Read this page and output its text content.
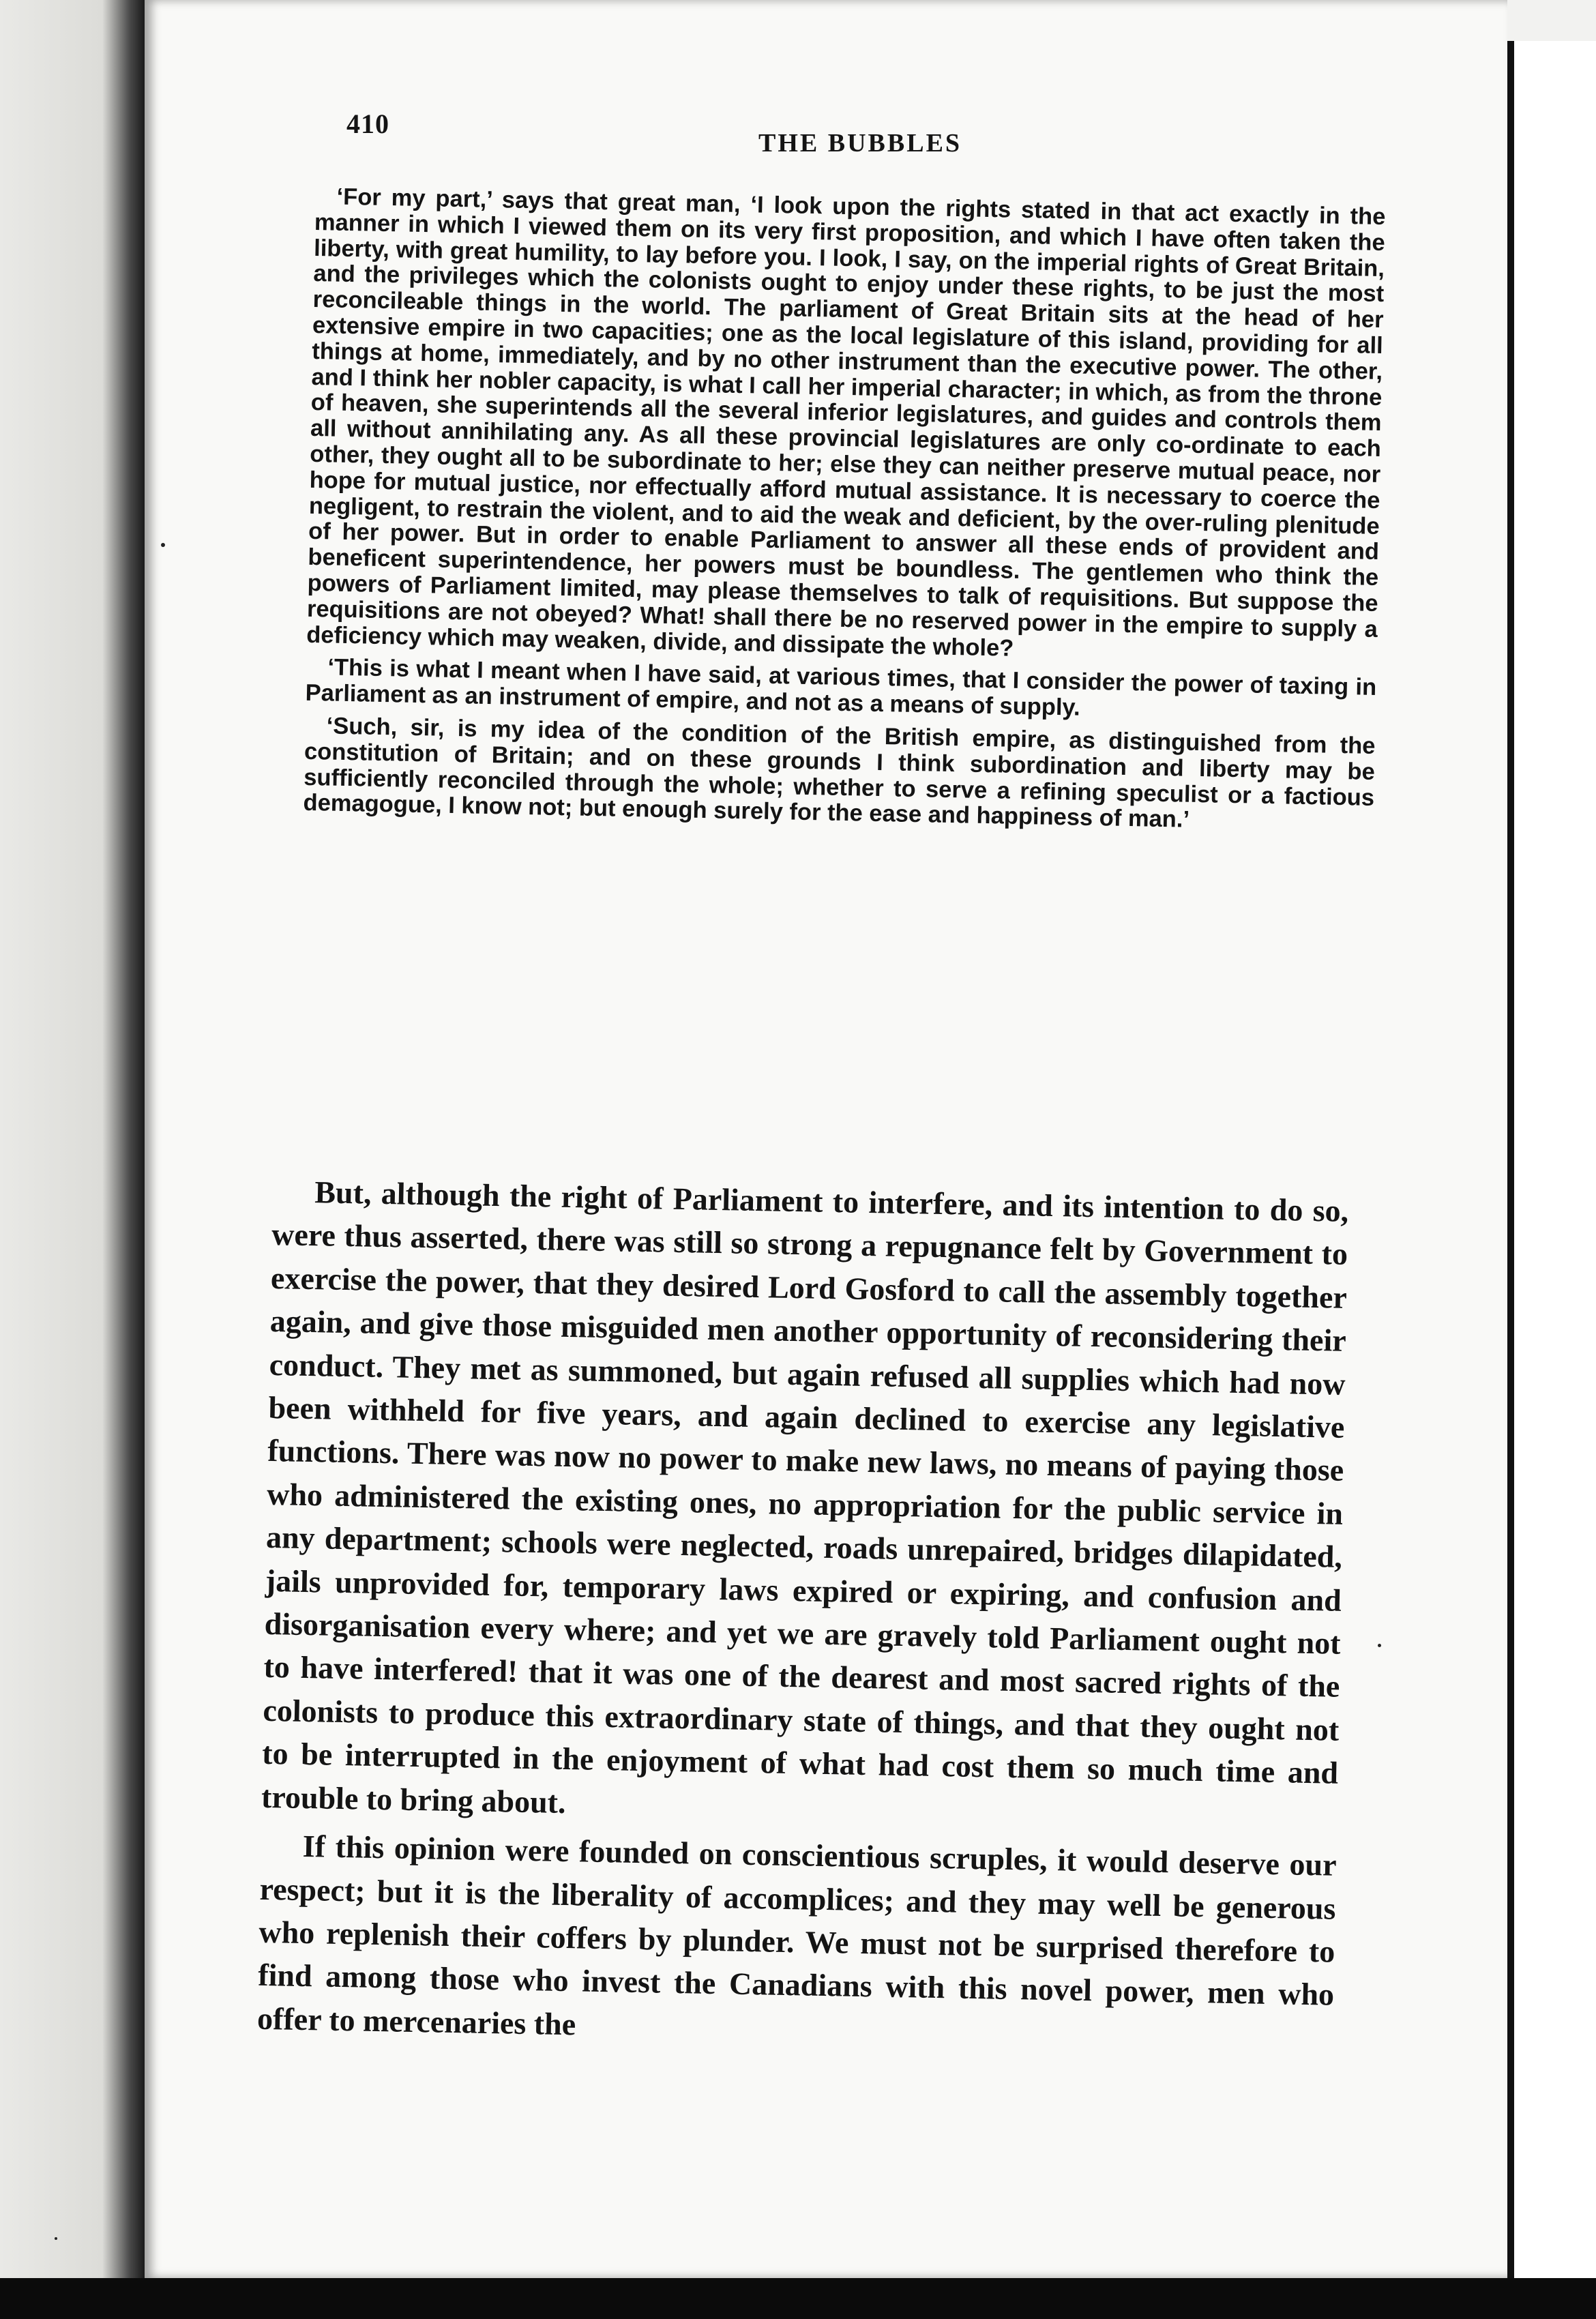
410
THE BUBBLES

‘For my part,’ says that great man, ‘I look upon the rights stated in that act exactly in the manner in which I viewed them on its very first proposition, and which I have often taken the liberty, with great humility, to lay before you. I look, I say, on the imperial rights of Great Britain, and the privileges which the colonists ought to enjoy under these rights, to be just the most reconcileable things in the world. The parliament of Great Britain sits at the head of her extensive empire in two capacities; one as the local legislature of this island, providing for all things at home, immediately, and by no other instrument than the executive power. The other, and I think her nobler capacity, is what I call her imperial character; in which, as from the throne of heaven, she superintends all the several inferior legislatures, and guides and controls them all without annihilating any. As all these provincial legislatures are only co-ordinate to each other, they ought all to be subordinate to her; else they can neither preserve mutual peace, nor hope for mutual justice, nor effectually afford mutual assistance. It is necessary to coerce the negligent, to restrain the violent, and to aid the weak and deficient, by the over-ruling plenitude of her power. But in order to enable Parliament to answer all these ends of provident and beneficent superintendence, her powers must be boundless. The gentlemen who think the powers of Parliament limited, may please themselves to talk of requisitions. But suppose the requisitions are not obeyed? What! shall there be no reserved power in the empire to supply a deficiency which may weaken, divide, and dissipate the whole?

‘This is what I meant when I have said, at various times, that I consider the power of taxing in Parliament as an instrument of empire, and not as a means of supply.

‘Such, sir, is my idea of the condition of the British empire, as distinguished from the constitution of Britain; and on these grounds I think subordination and liberty may be sufficiently reconciled through the whole; whether to serve a refining speculist or a factious demagogue, I know not; but enough surely for the ease and happiness of man.’

But, although the right of Parliament to interfere, and its intention to do so, were thus asserted, there was still so strong a repugnance felt by Government to exercise the power, that they desired Lord Gosford to call the assembly together again, and give those misguided men another opportunity of reconsidering their conduct. They met as summoned, but again refused all supplies which had now been withheld for five years, and again declined to exercise any legislative functions. There was now no power to make new laws, no means of paying those who administered the existing ones, no appropriation for the public service in any department; schools were neglected, roads unrepaired, bridges dilapidated, jails unprovided for, temporary laws expired or expiring, and confusion and disorganisation every where; and yet we are gravely told Parliament ought not to have interfered! that it was one of the dearest and most sacred rights of the colonists to produce this extraordinary state of things, and that they ought not to be interrupted in the enjoyment of what had cost them so much time and trouble to bring about.

If this opinion were founded on conscientious scruples, it would deserve our respect; but it is the liberality of accomplices; and they may well be generous who replenish their coffers by plunder. We must not be surprised therefore to find among those who invest the Canadians with this novel power, men who offer to mercenaries the
